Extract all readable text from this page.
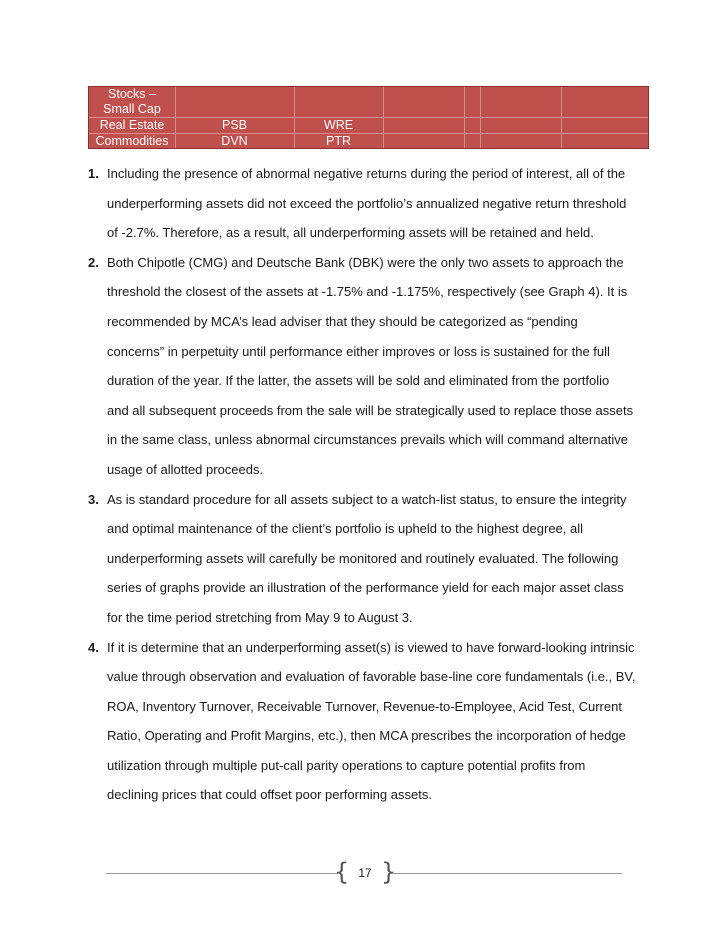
Stocks –
Small Cap
Real Estate
Commodities
PSB	WRE
DVN	PTR
1. Including the presence of abnormal negative returns during the period of interest, all of the
underperforming assets did not exceed the portfolio’s annualized negative return threshold
of -2.7%. Therefore, as a result, all underperforming assets will be retained and held.
2. Both Chipotle (CMG) and Deutsche Bank (DBK) were the only two assets to approach the
threshold the closest of the assets at -1.75% and -1.175%, respectively (see Graph 4). It is
recommended by MCA’s lead adviser that they should be categorized as “pending
concerns” in perpetuity until performance either improves or loss is sustained for the full
duration of the year. If the latter, the assets will be sold and eliminated from the portfolio
and all subsequent proceeds from the sale will be strategically used to replace those assets
in the same class, unless abnormal circumstances prevails which will command alternative
usage of allotted proceeds.
3. As is standard procedure for all assets subject to a watch-list status, to ensure the integrity
and optimal maintenance of the client’s portfolio is upheld to the highest degree, all
underperforming assets will carefully be monitored and routinely evaluated. The following
series of graphs provide an illustration of the performance yield for each major asset class
for the time period stretching from May 9 to August 3.
4. If it is determine that an underperforming asset(s) is viewed to have forward-looking intrinsic
value through observation and evaluation of favorable base-line core fundamentals (i.e., BV,
ROA, Inventory Turnover, Receivable Turnover, Revenue-to-Employee, Acid Test, Current
Ratio, Operating and Profit Margins, etc.), then MCA prescribes the incorporation of hedge
utilization through multiple put-call parity operations to capture potential profits from
declining prices that could offset poor performing assets.
{ }
17
